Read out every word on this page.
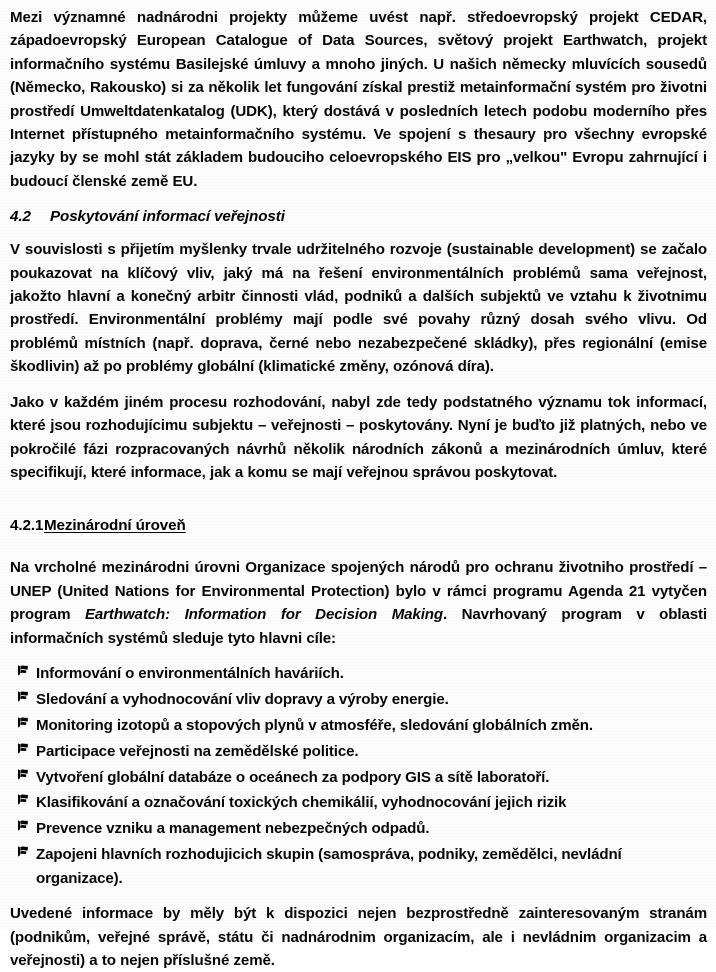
Mezi významné nadnárodni projekty můžeme uvést např. středoevropský projekt CEDAR, západoevropský European Catalogue of Data Sources, světový projekt Earthwatch, projekt informačního systému Basilejské úmluvy a mnoho jiných. U našich německy mluvících sousedů (Německo, Rakousko) si za několik let fungování získal prestiž metainformační systém pro životni prostředí Umweltdatenkatalog (UDK), který dostává v posledních letech podobu moderního přes Internet přístupného metainformačního systému. Ve spojení s thesaury pro všechny evropské jazyky by se mohl stát základem budouciho celoevropského EIS pro „velkou" Evropu zahrnující i budoucí členské země EU.

4.2 Poskytování informací veřejnosti

V souvislosti s přijetím myšlenky trvale udržitelného rozvoje (sustainable development) se začalo poukazovat na klíčový vliv, jaký má na řešení environmentálních problémů sama veřejnost, jakožto hlavní a konečný arbitr činnosti vlád, podniků a dalších subjektů ve vztahu k životnimu prostředí. Environmentální problémy mají podle své povahy různý dosah svého vlivu. Od problémů místních (např. doprava, černé nebo nezabezpečené skládky), přes regionální (emise škodlivin) až po problémy globální (klimatické změny, ozónová díra).

Jako v každém jiném procesu rozhodování, nabyl zde tedy podstatného významu tok informací, které jsou rozhodujícimu subjektu – veřejnosti – poskytovány. Nyní je buďto již platných, nebo ve pokročilé fázi rozpracovaných návrhů několik národních zákonů a mezinárodních úmluv, které specifikují, které informace, jak a komu se mají veřejnou správou poskytovat.

4.2.1Mezinárodní úroveň

Na vrcholné mezinárodni úrovni Organizace spojených národů pro ochranu životniho prostředí – UNEP (United Nations for Environmental Protection) bylo v rámci programu Agenda 21 vytyčen program Earthwatch: Information for Decision Making. Navrhovaný program v oblasti informačních systémů sleduje tyto hlavni cíle:

Informování o environmentálních haváriích.
Sledování a vyhodnocování vliv dopravy a výroby energie.
Monitoring izotopů a stopových plynů v atmosféře, sledování globálních změn.
Participace veřejnosti na zemědělské politice.
Vytvoření globální databáze o oceánech za podpory GIS a sítě laboratoří.
Klasifikování a označování toxických chemikálií, vyhodnocování jejich rizik
Prevence vzniku a management nebezpečných odpadů.
Zapojeni hlavních rozhodujicich skupin (samospráva, podniky, zemědělci, nevládní organizace).

Uvedené informace by měly být k dispozici nejen bezprostředně zainteresovaným stranám (podnikům, veřejné správě, státu či nadnárodnim organizacím, ale i nevládnim organizacim a veřejnosti) a to nejen příslušné země.
